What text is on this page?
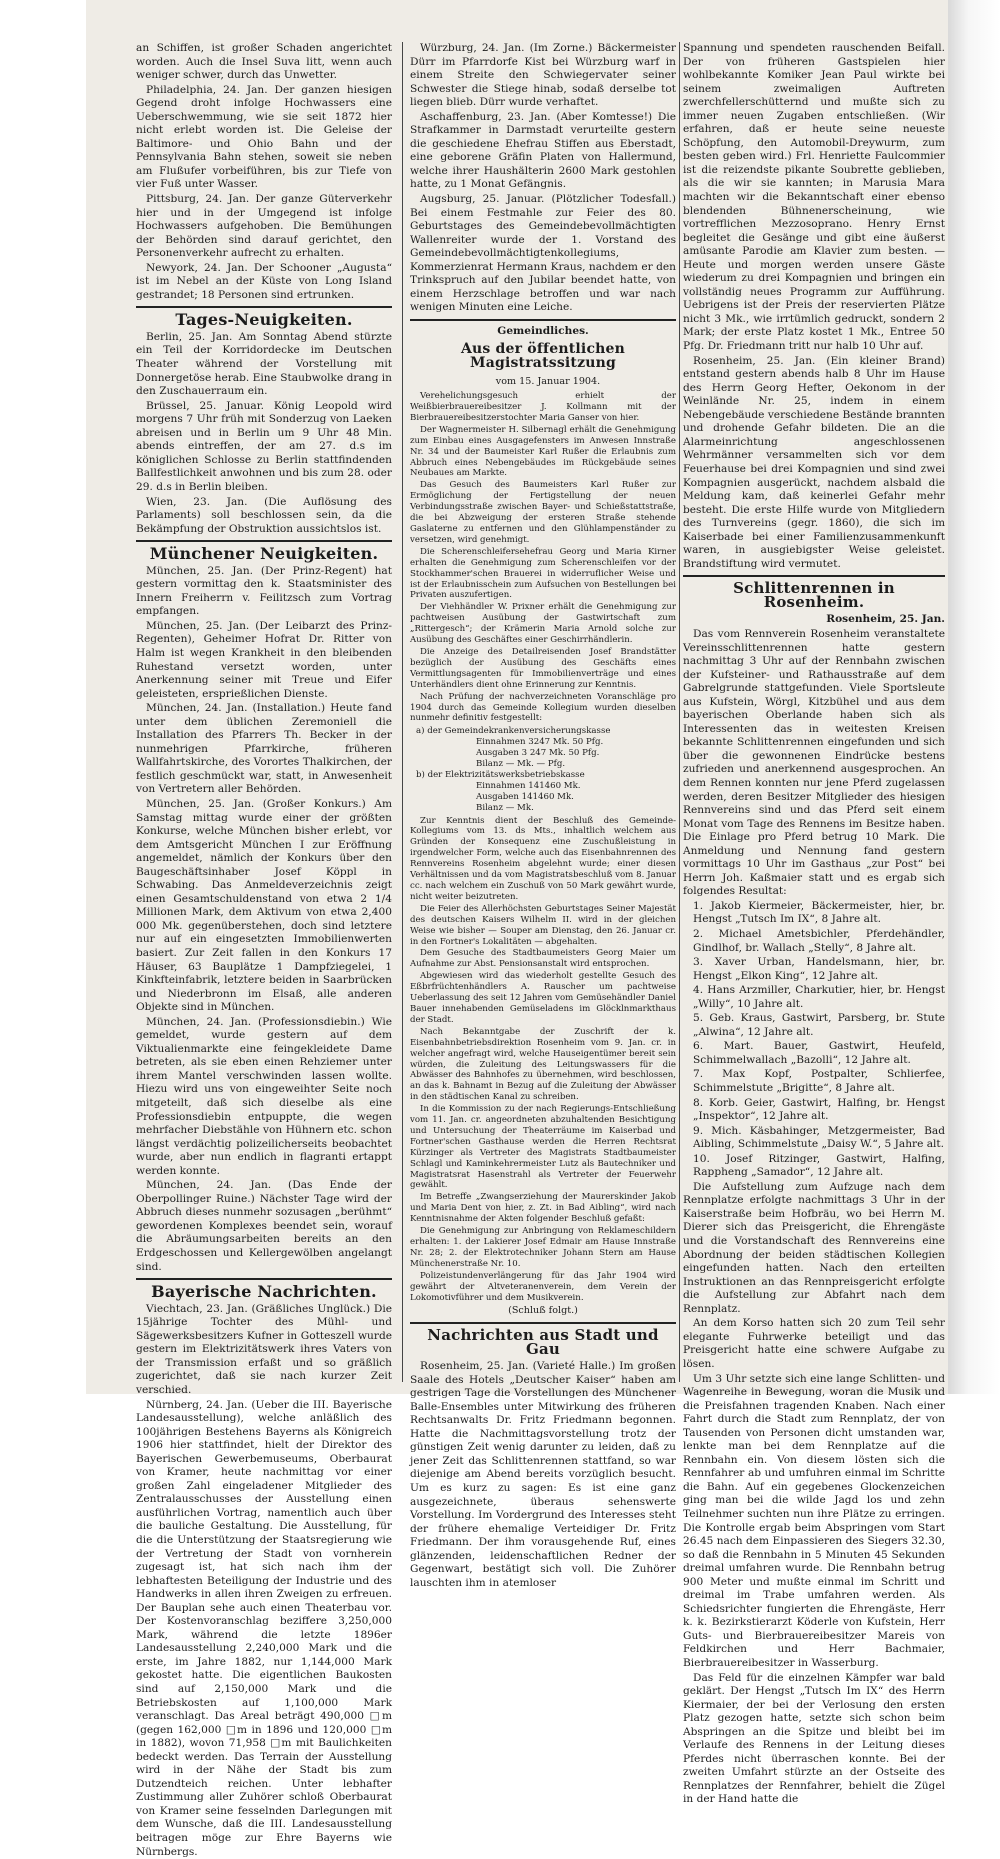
an Schiffen, ist großer Schaden angerichtet worden. Auch die Insel Suva litt, wenn auch weniger schwer, durch das Unwetter.

Philadelphia, 24. Jan. Der ganzen hiesigen Gegend droht infolge Hochwassers eine Ueberschwemmung, wie sie seit 1872 hier nicht erlebt worden ist. Die Geleise der Baltimore- und Ohio Bahn und der Pennsylvania Bahn stehen, soweit sie neben am Flußufer vorbeiführen, bis zur Tiefe von vier Fuß unter Wasser.

Pittsburg, 24. Jan. Der ganze Güterverkehr hier und in der Umgegend ist infolge Hochwassers aufgehoben. Die Bemühungen der Behörden sind darauf gerichtet, den Personenverkehr aufrecht zu erhalten.

Newyork, 24. Jan. Der Schooner „Augusta“ ist im Nebel an der Küste von Long Island gestrandet; 18 Personen sind ertrunken.

Tages-Neuigkeiten.

Berlin, 25. Jan. Am Sonntag Abend stürzte ein Teil der Korridordecke im Deutschen Theater während der Vorstellung mit Donnergetöse herab. Eine Staubwolke drang in den Zuschauerraum ein.

Brüssel, 25. Januar. König Leopold wird morgens 7 Uhr früh mit Sonderzug von Laeken abreisen und in Berlin um 9 Uhr 48 Min. abends eintreffen, der am 27. d.s im königlichen Schlosse zu Berlin stattfindenden Ballfestlichkeit anwohnen und bis zum 28. oder 29. d.s in Berlin bleiben.

Wien, 23. Jan. (Die Auflösung des Parlaments) soll beschlossen sein, da die Bekämpfung der Obstruktion aussichtslos ist.

Münchener Neuigkeiten.

München, 25. Jan. (Der Prinz-Regent) hat gestern vormittag den k. Staatsminister des Innern Freiherrn v. Feilitzsch zum Vortrag empfangen.

München, 25. Jan. (Der Leibarzt des Prinz-Regenten), Geheimer Hofrat Dr. Ritter von Halm ist wegen Krankheit in den bleibenden Ruhestand versetzt worden, unter Anerkennung seiner mit Treue und Eifer geleisteten, ersprießlichen Dienste.

München, 24. Jan. (Installation.) Heute fand unter dem üblichen Zeremoniell die Installation des Pfarrers Th. Becker in der nunmehrigen Pfarrkirche, früheren Wallfahrtskirche, des Vorortes Thalkirchen, der festlich geschmückt war, statt, in Anwesenheit von Vertretern aller Behörden.

München, 25. Jan. (Großer Konkurs.) Am Samstag mittag wurde einer der größten Konkurse, welche München bisher erlebt, vor dem Amtsgericht München I zur Eröffnung angemeldet, nämlich der Konkurs über den Baugeschäftsinhaber Josef Köppl in Schwabing. Das Anmeldeverzeichnis zeigt einen Gesamtschuldenstand von etwa 2 1/4 Millionen Mark, dem Aktivum von etwa 2,400 000 Mk. gegenüberstehen, doch sind letztere nur auf ein eingesetzten Immobilienwerten basiert. Zur Zeit fallen in den Konkurs 17 Häuser, 63 Bauplätze 1 Dampfziegelei, 1 Kinkfteinfabrik, letztere beiden in Saarbrücken und Niederbronn im Elsaß, alle anderen Objekte sind in München.

München, 24. Jan. (Professionsdiebin.) Wie gemeldet, wurde gestern auf dem Viktualienmarkte eine feingekleidete Dame betreten, als sie eben einen Rehziemer unter ihrem Mantel verschwinden lassen wollte. Hiezu wird uns von eingeweihter Seite noch mitgeteilt, daß sich dieselbe als eine Professionsdiebin entpuppte, die wegen mehrfacher Diebstähle von Hühnern etc. schon längst verdächtig polizeilicherseits beobachtet wurde, aber nun endlich in flagranti ertappt werden konnte.

München, 24. Jan. (Das Ende der Oberpollinger Ruine.) Nächster Tage wird der Abbruch dieses nunmehr sozusagen „berühmt“ gewordenen Komplexes beendet sein, worauf die Abräumungsarbeiten bereits an den Erdgeschossen und Kellergewölben angelangt sind.

Bayerische Nachrichten.

Viechtach, 23. Jan. (Gräßliches Unglück.) Die 15jährige Tochter des Mühl- und Sägewerksbesitzers Kufner in Gotteszell wurde gestern im Elektrizitätswerk ihres Vaters von der Transmission erfaßt und so gräßlich zugerichtet, daß sie nach kurzer Zeit verschied.

Nürnberg, 24. Jan. (Ueber die III. Bayerische Landesausstellung), welche anläßlich des 100jährigen Bestehens Bayerns als Königreich 1906 hier stattfindet, hielt der Direktor des Bayerischen Gewerbemuseums, Oberbaurat von Kramer, heute nachmittag vor einer großen Zahl eingeladener Mitglieder des Zentralausschusses der Ausstellung einen ausführlichen Vortrag, namentlich auch über die bauliche Gestaltung. Die Ausstellung, für die die Unterstützung der Staatsregierung wie der Vertretung der Stadt von vornherein zugesagt ist, hat sich nach ihm der lebhaftesten Beteiligung der Industrie und des Handwerks in allen ihren Zweigen zu erfreuen. Der Bauplan sehe auch einen Theaterbau vor. Der Kostenvoranschlag beziffere 3,250,000 Mark, während die letzte 1896er Landesausstellung 2,240,000 Mark und die erste, im Jahre 1882, nur 1,144,000 Mark gekostet hatte. Die eigentlichen Baukosten sind auf 2,150,000 Mark und die Betriebskosten auf 1,100,000 Mark veranschlagt. Das Areal beträgt 490,000 □m (gegen 162,000 □m in 1896 und 120,000 □m in 1882), wovon 71,958 □m mit Baulichkeiten bedeckt werden. Das Terrain der Ausstellung wird in der Nähe der Stadt bis zum Dutzendteich reichen. Unter lebhafter Zustimmung aller Zuhörer schloß Oberbaurat von Kramer seine fesselnden Darlegungen mit dem Wunsche, daß die III. Landesausstellung beitragen möge zur Ehre Bayerns wie Nürnbergs.

Würzburg, 24. Jan. (Im Zorne.) Bäckermeister Dürr im Pfarrdorfe Kist bei Würzburg warf in einem Streite den Schwiegervater seiner Schwester die Stiege hinab, sodaß derselbe tot liegen blieb. Dürr wurde verhaftet.

Aschaffenburg, 23. Jan. (Aber Komtesse!) Die Strafkammer in Darmstadt verurteilte gestern die geschiedene Ehefrau Stiffen aus Eberstadt, eine geborene Gräfin Platen von Hallermund, welche ihrer Haushälterin 2600 Mark gestohlen hatte, zu 1 Monat Gefängnis.

Augsburg, 25. Januar. (Plötzlicher Todesfall.) Bei einem Festmahle zur Feier des 80. Geburtstages des Gemeindebevollmächtigten Wallenreiter wurde der 1. Vorstand des Gemeindebevollmächtigtenkollegiums, Kommerzienrat Hermann Kraus, nachdem er den Trinkspruch auf den Jubilar beendet hatte, von einem Herzschlage betroffen und war nach wenigen Minuten eine Leiche.

Gemeindliches.
Aus der öffentlichen Magistratssitzung

vom 15. Januar 1904.

Verehelichungsgesuch erhielt der Weißbierbrauereibesitzer J. Kollmann mit der Bierbrauereibesitzerstochter Maria Ganser von hier.

Der Wagnermeister H. Silbernagl erhält die Genehmigung zum Einbau eines Ausgagefensters im Anwesen Innstraße Nr. 34 und der Baumeister Karl Rußer die Erlaubnis zum Abbruch eines Nebengebäudes im Rückgebäude seines Neubaues am Markte.

Das Gesuch des Baumeisters Karl Rußer zur Ermöglichung der Fertigstellung der neuen Verbindungsstraße zwischen Bayer- und Schießstattstraße, die bei Abzweigung der ersteren Straße stehende Gaslaterne zu entfernen und den Glühlampenständer zu versetzen, wird genehmigt.

Die Scherenschleifersehefrau Georg und Maria Kirner erhalten die Genehmigung zum Scherenschleifen vor der Stockhammer'schen Brauerei in widerruflicher Weise und ist der Erlaubnisschein zum Aufsuchen von Bestellungen bei Privaten auszufertigen.

Der Viehhändler W. Prixner erhält die Genehmigung zur pachtweisen Ausübung der Gastwirtschaft zum „Rittergesch“; der Krämerin Maria Arnold solche zur Ausübung des Geschäftes einer Geschirrhändlerin.

Die Anzeige des Detailreisenden Josef Brandstätter bezüglich der Ausübung des Geschäfts eines Vermittlungsagenten für Immobilienverträge und eines Unterhändlers dient ohne Erinnerung zur Kenntnis.

Nach Prüfung der nachverzeichneten Voranschläge pro 1904 durch das Gemeinde Kollegium wurden dieselben nunmehr definitiv festgestellt:

a) der Gemeindekrankenversicherungskasse
Einnahmen 3247 Mk. 50 Pfg.
Ausgaben 3 247 Mk. 50 Pfg.
Bilanz — Mk. — Pfg.
b) der Elektrizitätswerksbetriebskasse
Einnahmen 141460 Mk.
Ausgaben 141460 Mk.
Bilanz — Mk.

Zur Kenntnis dient der Beschluß des Gemeinde-Kollegiums vom 13. ds Mts., inhaltlich welchem aus Gründen der Konsequenz eine Zuschußleistung in irgendwelcher Form, welche auch das Eisenbahnrennen des Rennvereins Rosenheim abgelehnt wurde; einer diesen Verhältnissen und da vom Magistratsbeschluß vom 8. Januar cc. nach welchem ein Zuschuß von 50 Mark gewährt wurde, nicht weiter beizutreten.

Die Feier des Allerhöchsten Geburtstages Seiner Majestät des deutschen Kaisers Wilhelm II. wird in der gleichen Weise wie bisher — Souper am Dienstag, den 26. Januar cr. in den Fortner's Lokalitäten — abgehalten.

Dem Gesuche des Stadtbaumeisters Georg Maier um Aufnahme zur Abst. Pensionsanstalt wird entsprochen.

Abgewiesen wird das wiederholt gestellte Gesuch des Eßbrfrüchtenhändlers A. Rauscher um pachtweise Ueberlassung des seit 12 Jahren vom Gemüsehändler Daniel Bauer innehabenden Gemüseladens im Glöcklnmarkthaus der Stadt.

Nach Bekanntgabe der Zuschrift der k. Eisenbahnbetriebsdirektion Rosenheim vom 9. Jan. cr. in welcher angefragt wird, welche Hauseigentümer bereit sein würden, die Zuleitung des Leitungswassers für die Abwässer des Bahnhofes zu übernehmen, wird beschlossen, an das k. Bahnamt in Bezug auf die Zuleitung der Abwässer in den städtischen Kanal zu schreiben.

In die Kommission zu der nach Regierungs-Entschließung vom 11. Jan. cr. angeordneten abzuhaltenden Besichtigung und Untersuchung der Theaterräume im Kaiserbad und Fortner'schen Gasthause werden die Herren Rechtsrat Kürzinger als Vertreter des Magistrats Stadtbaumeister Schlagl und Kaminkehrermeister Lutz als Bautechniker und Magistratsrat Hasenstrahl als Vertreter der Feuerwehr gewählt.

Im Betreffe „Zwangserziehung der Maurerskinder Jakob und Maria Dent von hier, z. Zt. in Bad Aibling“, wird nach Kenntnisnahme der Akten folgender Beschluß gefaßt:

Die Genehmigung zur Anbringung von Reklameschildern erhalten: 1. der Lakierer Josef Edmair am Hause Innstraße Nr. 28; 2. der Elektrotechniker Johann Stern am Hause Münchenerstraße Nr. 10.

Polizeistundenverlängerung für das Jahr 1904 wird gewährt der Altveteranenverein, dem Verein der Lokomotivführer und dem Musikverein.

(Schluß folgt.)

Nachrichten aus Stadt und Gau

Rosenheim, 25. Jan. (Varieté Halle.) Im großen Saale des Hotels „Deutscher Kaiser“ haben am gestrigen Tage die Vorstellungen des Münchener Balle-Ensembles unter Mitwirkung des früheren Rechtsanwalts Dr. Fritz Friedmann begonnen. Hatte die Nachmittagsvorstellung trotz der günstigen Zeit wenig darunter zu leiden, daß zu jener Zeit das Schlittenrennen stattfand, so war diejenige am Abend bereits vorzüglich besucht. Um es kurz zu sagen: Es ist eine ganz ausgezeichnete, überaus sehenswerte Vorstellung. Im Vordergrund des Interesses steht der frühere ehemalige Verteidiger Dr. Fritz Friedmann. Der ihm vorausgehende Ruf, eines glänzenden, leidenschaftlichen Redner der Gegenwart, bestätigt sich voll. Die Zuhörer lauschten ihm in atemloser

Spannung und spendeten rauschenden Beifall. Der von früheren Gastspielen hier wohlbekannte Komiker Jean Paul wirkte bei seinem zweimaligen Auftreten zwerchfellerschütternd und mußte sich zu immer neuen Zugaben entschließen. (Wir erfahren, daß er heute seine neueste Schöpfung, den Automobil-Dreywurm, zum besten geben wird.) Frl. Henriette Faulcommier ist die reizendste pikante Soubrette geblieben, als die wir sie kannten; in Marusia Mara machten wir die Bekanntschaft einer ebenso blendenden Bühnenerscheinung, wie vortrefflichen Mezzosoprano. Henry Ernst begleitet die Gesänge und gibt eine äußerst amüsante Parodie am Klavier zum besten. — Heute und morgen werden unsere Gäste wiederum zu drei Kompagnien und bringen ein vollständig neues Programm zur Aufführung. Uebrigens ist der Preis der reservierten Plätze nicht 3 Mk., wie irrtümlich gedruckt, sondern 2 Mark; der erste Platz kostet 1 Mk., Entree 50 Pfg. Dr. Friedmann tritt nur halb 10 Uhr auf.

Rosenheim, 25. Jan. (Ein kleiner Brand) entstand gestern abends halb 8 Uhr im Hause des Herrn Georg Hefter, Oekonom in der Weinlände Nr. 25, indem in einem Nebengebäude verschiedene Bestände brannten und drohende Gefahr bildeten. Die an die Alarmeinrichtung angeschlossenen Wehrmänner versammelten sich vor dem Feuerhause bei drei Kompagnien und sind zwei Kompagnien ausgerückt, nachdem alsbald die Meldung kam, daß keinerlei Gefahr mehr besteht. Die erste Hilfe wurde von Mitgliedern des Turnvereins (gegr. 1860), die sich im Kaiserbade bei einer Familienzusammenkunft waren, in ausgiebigster Weise geleistet. Brandstiftung wird vermutet.

Schlittenrennen in Rosenheim.

Rosenheim, 25. Jan.

Das vom Rennverein Rosenheim veranstaltete Vereinsschlittenrennen hatte gestern nachmittag 3 Uhr auf der Rennbahn zwischen der Kufsteiner- und Rathausstraße auf dem Gabrelgrunde stattgefunden. Viele Sportsleute aus Kufstein, Wörgl, Kitzbühel und aus dem bayerischen Oberlande haben sich als Interessenten das in weitesten Kreisen bekannte Schlittenrennen eingefunden und sich über die gewonnenen Eindrücke bestens zufrieden und anerkennend ausgesprochen. An dem Rennen konnten nur jene Pferd zugelassen werden, deren Besitzer Mitglieder des hiesigen Rennvereins sind und das Pferd seit einem Monat vom Tage des Rennens im Besitze haben. Die Einlage pro Pferd betrug 10 Mark. Die Anmeldung und Nennung fand gestern vormittags 10 Uhr im Gasthaus „zur Post“ bei Herrn Joh. Kaßmaier statt und es ergab sich folgendes Resultat:

1. Jakob Kiermeier, Bäckermeister, hier, br. Hengst „Tutsch Im IX“, 8 Jahre alt.

2. Michael Ametsbichler, Pferdehändler, Gindlhof, br. Wallach „Stelly“, 8 Jahre alt.

3. Xaver Urban, Handelsmann, hier, br. Hengst „Elkon King“, 12 Jahre alt.

4. Hans Arzmiller, Charkutier, hier, br. Hengst „Willy“, 10 Jahre alt.

5. Geb. Kraus, Gastwirt, Parsberg, br. Stute „Alwina“, 12 Jahre alt.

6. Mart. Bauer, Gastwirt, Heufeld, Schimmelwallach „Bazolli“, 12 Jahre alt.

7. Max Kopf, Postpalter, Schlierfee, Schimmelstute „Brigitte“, 8 Jahre alt.

8. Korb. Geier, Gastwirt, Halfing, br. Hengst „Inspektor“, 12 Jahre alt.

9. Mich. Käsbahinger, Metzgermeister, Bad Aibling, Schimmelstute „Daisy W.“, 5 Jahre alt.

10. Josef Ritzinger, Gastwirt, Halfing, Rappheng „Samador“, 12 Jahre alt.

Die Aufstellung zum Aufzuge nach dem Rennplatze erfolgte nachmittags 3 Uhr in der Kaiserstraße beim Hofbräu, wo bei Herrn M. Dierer sich das Preisgericht, die Ehrengäste und die Vorstandschaft des Rennvereins eine Abordnung der beiden städtischen Kollegien eingefunden hatten. Nach den erteilten Instruktionen an das Rennpreisgericht erfolgte die Aufstellung zur Abfahrt nach dem Rennplatz.

An dem Korso hatten sich 20 zum Teil sehr elegante Fuhrwerke beteiligt und das Preisgericht hatte eine schwere Aufgabe zu lösen.

Um 3 Uhr setzte sich eine lange Schlitten- und Wagenreihe in Bewegung, woran die Musik und die Preisfahnen tragenden Knaben. Nach einer Fahrt durch die Stadt zum Rennplatz, der von Tausenden von Personen dicht umstanden war, lenkte man bei dem Rennplatze auf die Rennbahn ein. Von diesem lösten sich die Rennfahrer ab und umfuhren einmal im Schritte die Bahn. Auf ein gegebenes Glockenzeichen ging man bei die wilde Jagd los und zehn Teilnehmer suchten nun ihre Plätze zu erringen. Die Kontrolle ergab beim Abspringen vom Start 26.45 nach dem Einpassieren des Siegers 32.30, so daß die Rennbahn in 5 Minuten 45 Sekunden dreimal umfahren wurde. Die Rennbahn betrug 900 Meter und mußte einmal im Schritt und dreimal im Trabe umfahren werden. Als Schiedsrichter fungierten die Ehrengäste, Herr k. k. Bezirkstierarzt Köderle von Kufstein, Herr Guts- und Bierbrauereibesitzer Mareis von Feldkirchen und Herr Bachmaier, Bierbrauereibesitzer in Wasserburg.

Das Feld für die einzelnen Kämpfer war bald geklärt. Der Hengst „Tutsch Im IX“ des Herrn Kiermaier, der bei der Verlosung den ersten Platz gezogen hatte, setzte sich schon beim Abspringen an die Spitze und bleibt bei im Verlaufe des Rennens in der Leitung dieses Pferdes nicht überraschen konnte. Bei der zweiten Umfahrt stürzte an der Ostseite des Rennplatzes der Rennfahrer, behielt die Zügel in der Hand hatte die
